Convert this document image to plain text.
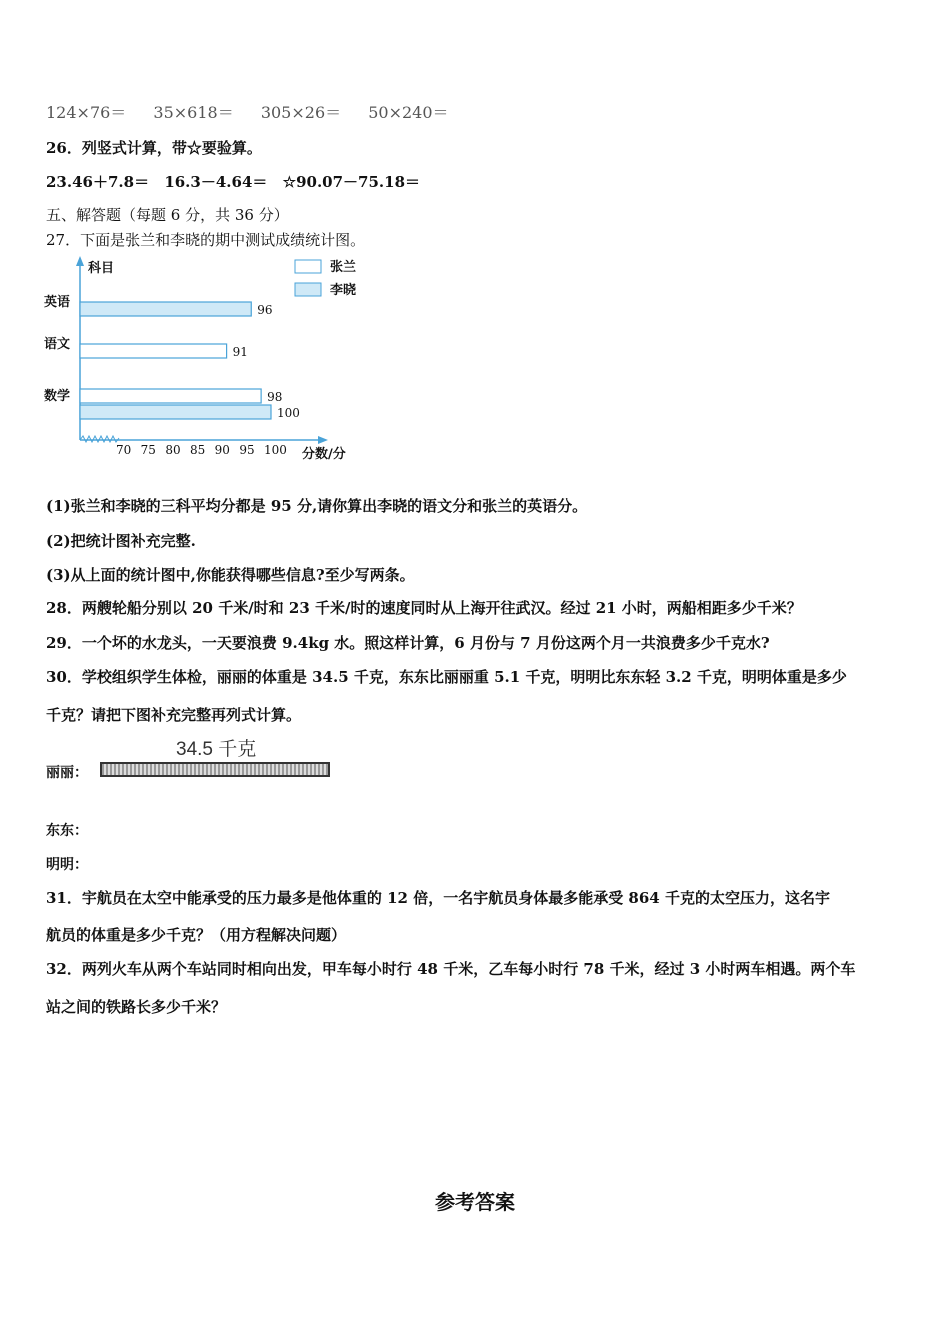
124×76＝ 35×618＝ 305×26＝ 50×240＝
26．列竖式计算，带☆要验算。
23.46＋7.8＝ 16.3－4.64＝ ☆90.07－75.18＝
五、解答题（每题 6 分，共 36 分）
27．下面是张兰和李晓的期中测试成绩统计图。
科目
分数/分
张兰
李晓
70 75 80 85 90 95 100
英语
语文
数学
96
91
98
100
(1)张兰和李晓的三科平均分都是 95 分,请你算出李晓的语文分和张兰的英语分。
(2)把统计图补充完整.
(3)从上面的统计图中,你能获得哪些信息?至少写两条。
28．两艘轮船分别以 20 千米/时和 23 千米/时的速度同时从上海开往武汉。经过 21 小时，两船相距多少千米？
29．一个坏的水龙头，一天要浪费 9.4kg 水。照这样计算，6 月份与 7 月份这两个月一共浪费多少千克水?
30．学校组织学生体检，丽丽的体重是 34.5 千克，东东比丽丽重 5.1 千克，明明比东东轻 3.2 千克，明明体重是多少
千克？请把下图补充完整再列式计算。
34.5 千克
丽丽：
东东：
明明：
31．宇航员在太空中能承受的压力最多是他体重的 12 倍，一名宇航员身体最多能承受 864 千克的太空压力，这名宇
航员的体重是多少千克？（用方程解决问题）
32．两列火车从两个车站同时相向出发，甲车每小时行 48 千米，乙车每小时行 78 千米，经过 3 小时两车相遇。两个车
站之间的铁路长多少千米？
参考答案
